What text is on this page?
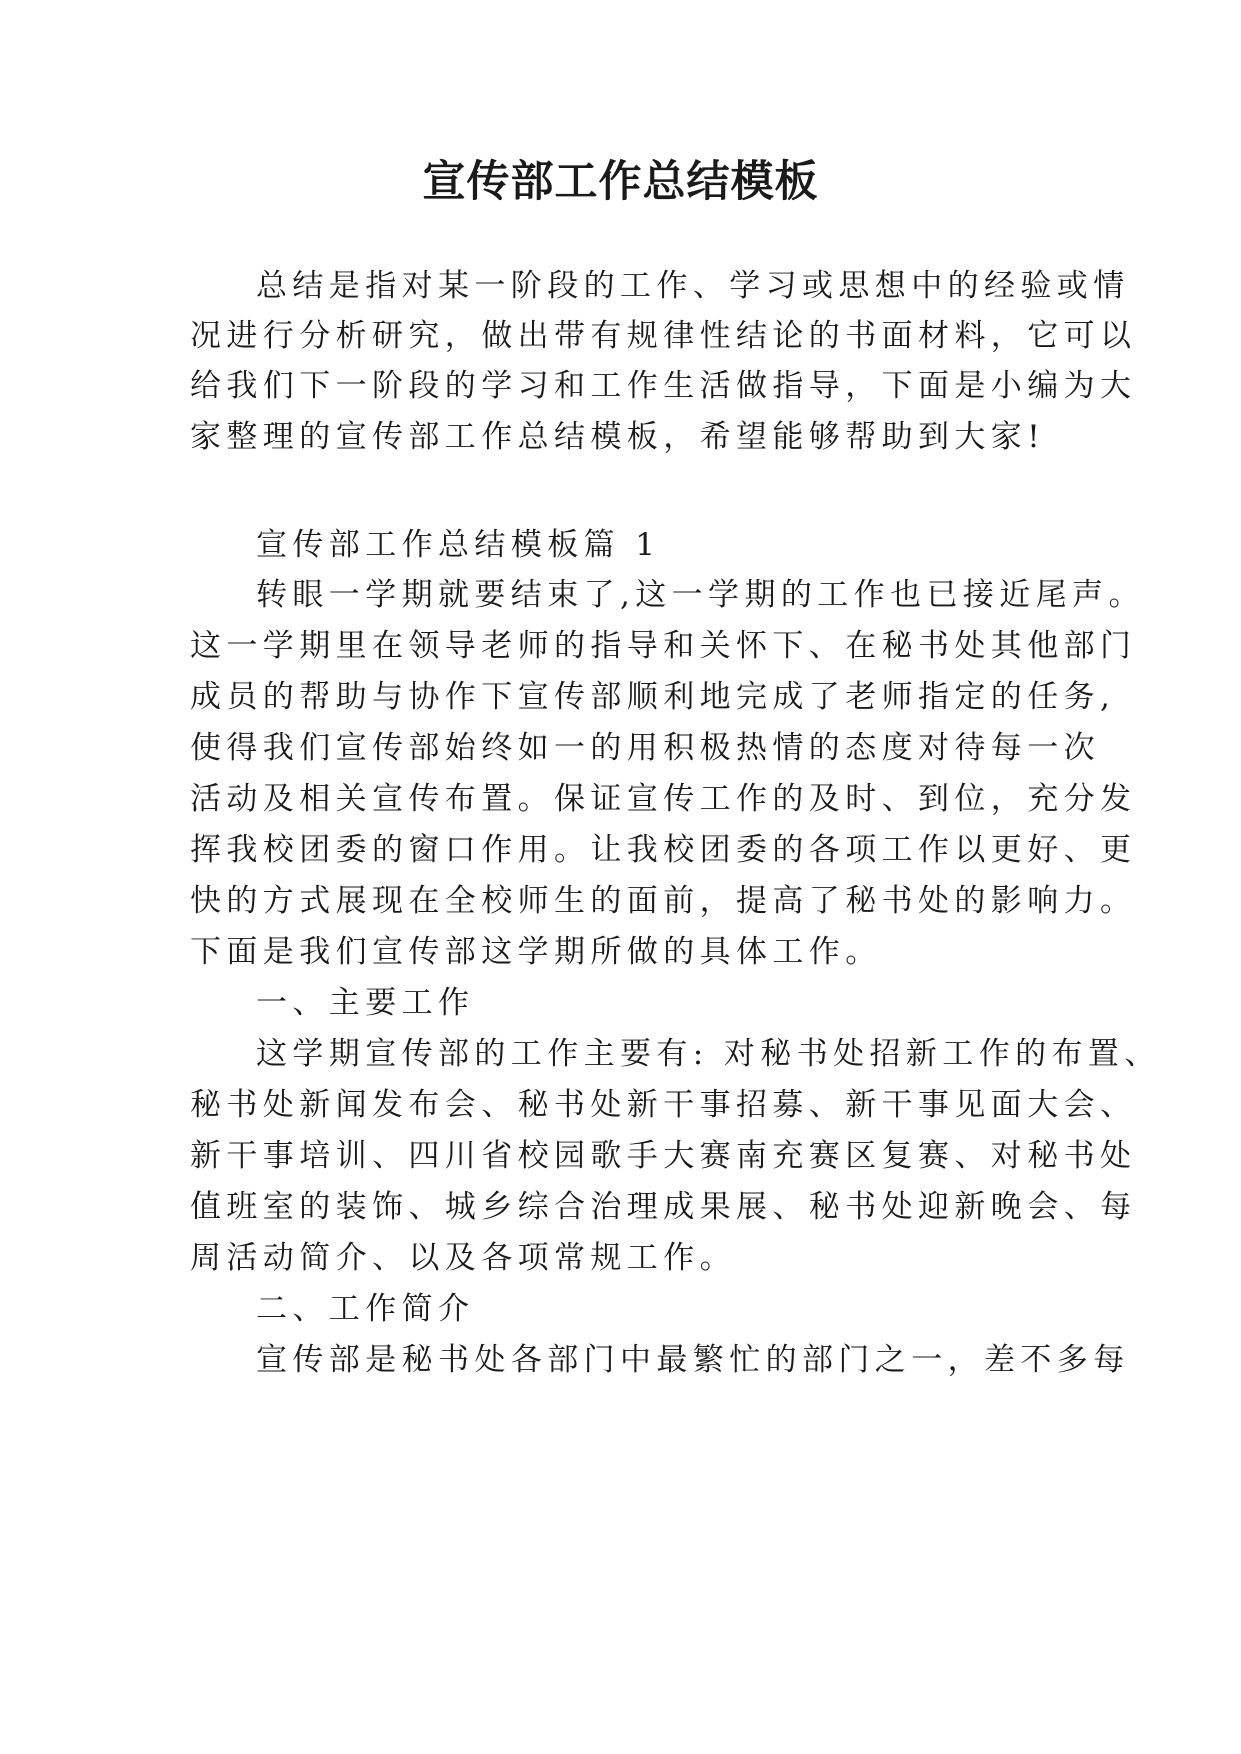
宣传部工作总结模板
总结是指对某一阶段的工作、学习或思想中的经验或情
况进行分析研究，做出带有规律性结论的书面材料，它可以
给我们下一阶段的学习和工作生活做指导，下面是小编为大
家整理的宣传部工作总结模板，希望能够帮助到大家!
宣传部工作总结模板篇 1
转眼一学期就要结束了,这一学期的工作也已接近尾声。
这一学期里在领导老师的指导和关怀下、在秘书处其他部门
成员的帮助与协作下宣传部顺利地完成了老师指定的任务,
使得我们宣传部始终如一的用积极热情的态度对待每一次
活动及相关宣传布置。保证宣传工作的及时、到位，充分发
挥我校团委的窗口作用。让我校团委的各项工作以更好、更
快的方式展现在全校师生的面前，提高了秘书处的影响力。
下面是我们宣传部这学期所做的具体工作。
一、主要工作
这学期宣传部的工作主要有: 对秘书处招新工作的布置、
秘书处新闻发布会、秘书处新干事招募、新干事见面大会、
新干事培训、四川省校园歌手大赛南充赛区复赛、对秘书处
值班室的装饰、城乡综合治理成果展、秘书处迎新晚会、每
周活动简介、以及各项常规工作。
二、工作简介
宣传部是秘书处各部门中最繁忙的部门之一，差不多每
